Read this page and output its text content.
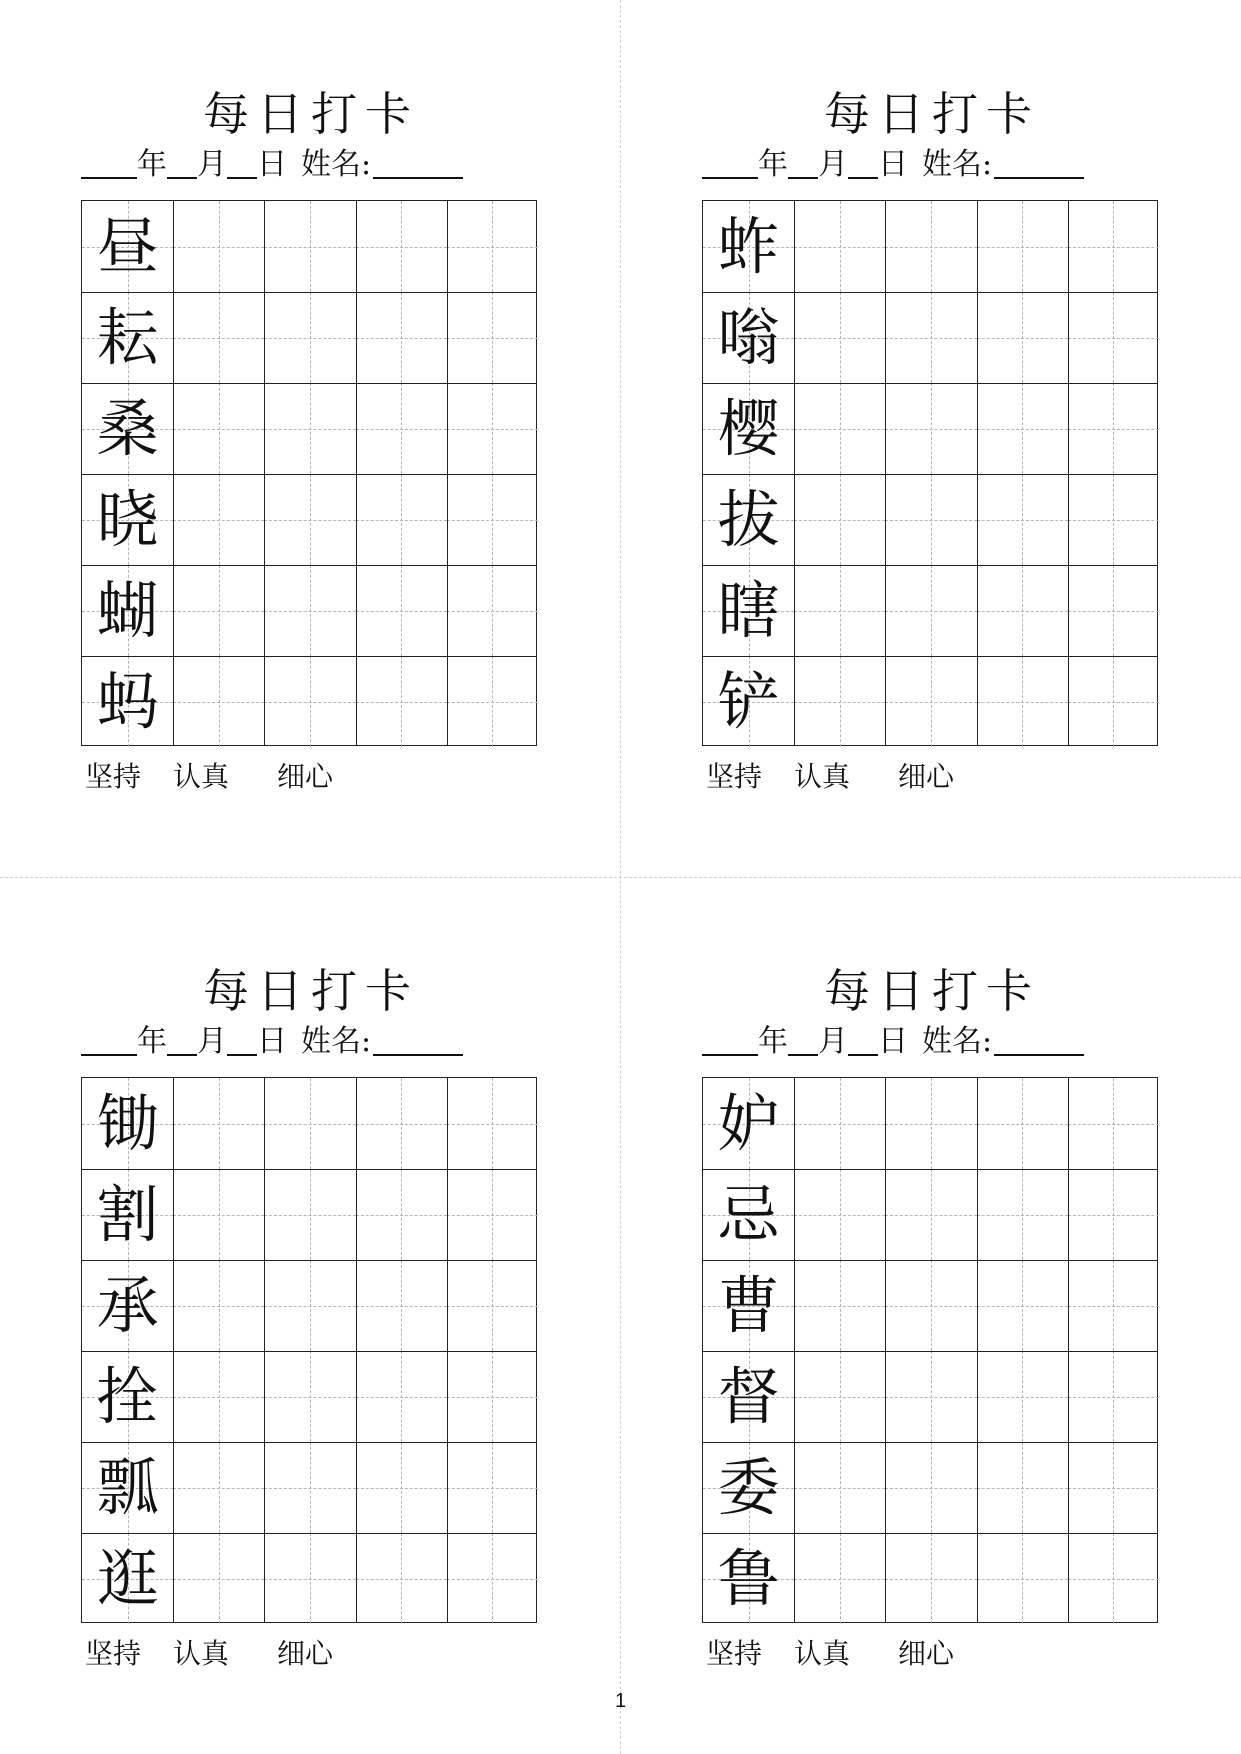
每日打卡
年 月 日 姓名:
昼
耘
桑
晓
蝴
蚂
坚持 认真 细心
每日打卡
年 月 日 姓名:
蚱
嗡
樱
拔
瞎
铲
坚持 认真 细心
每日打卡
年 月 日 姓名:
锄
割
承
拴
瓢
逛
坚持 认真 细心
每日打卡
年 月 日 姓名:
妒
忌
曹
督
委
鲁
坚持 认真 细心
1
